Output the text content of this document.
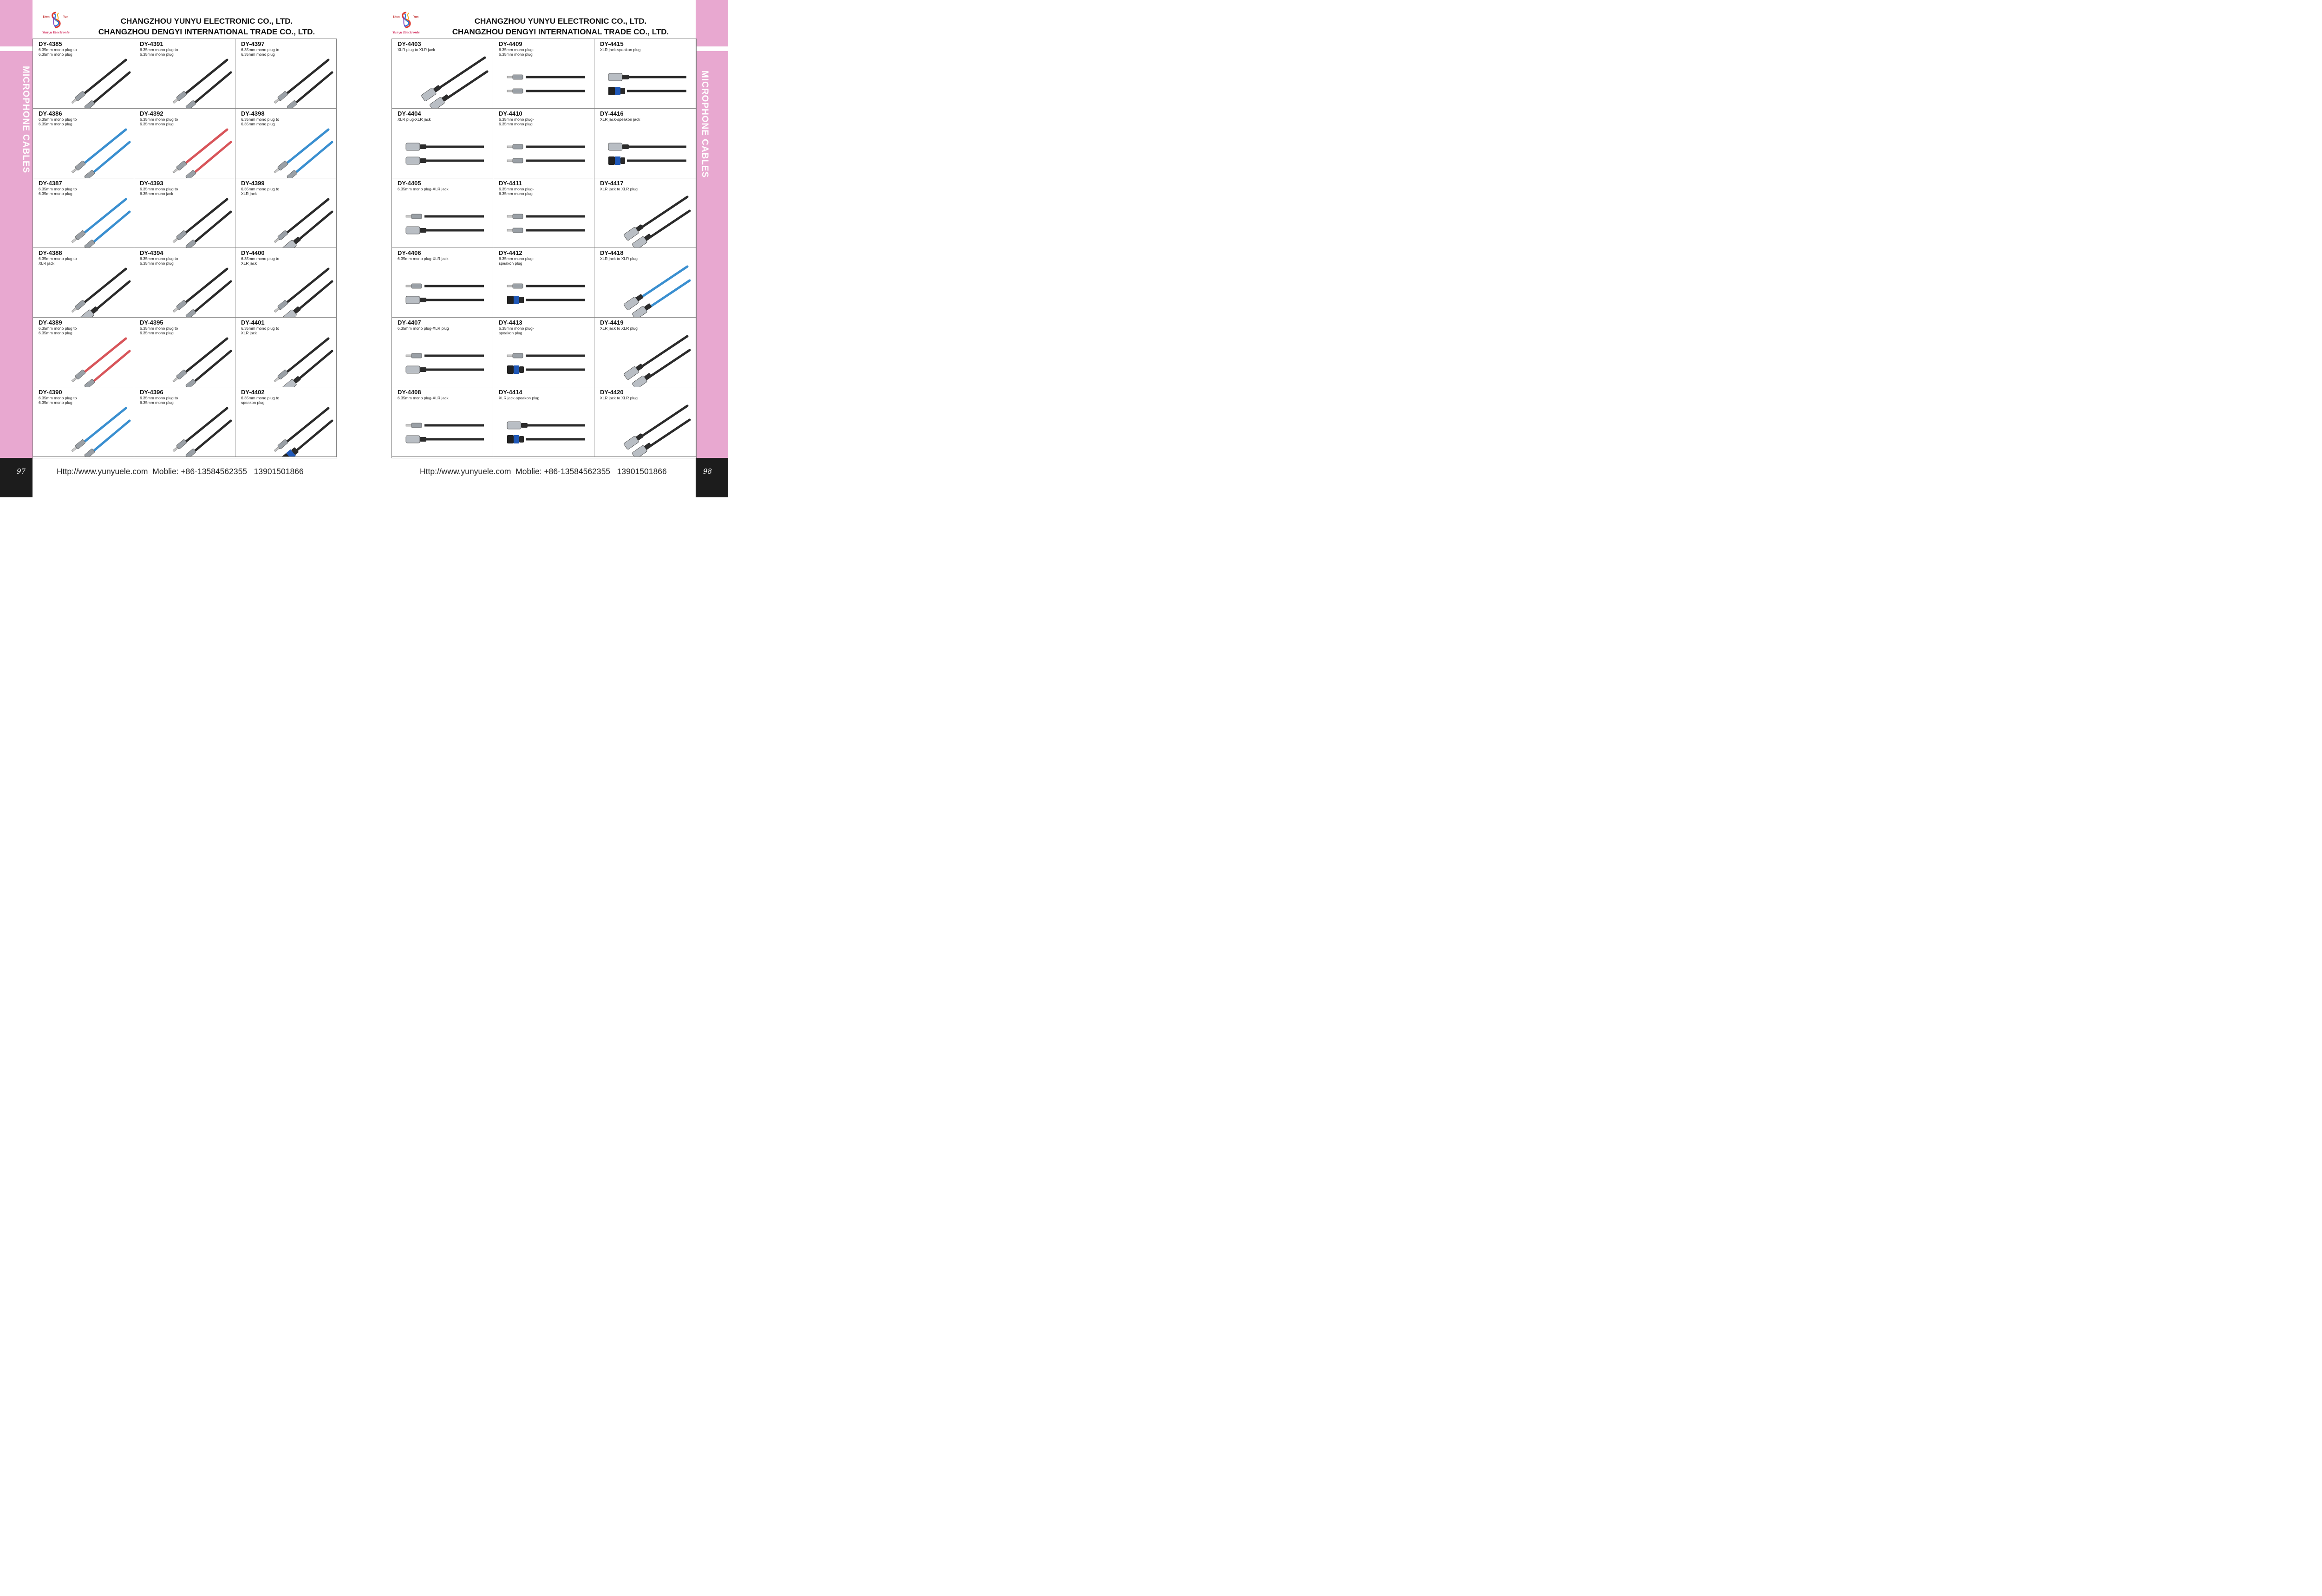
MICROPHONE CABLES
97
Shen	Yun
Yunyu Electronic
CHANGZHOU YUNYU ELECTRONIC CO., LTD.
CHANGZHOU DENGYI INTERNATIONAL TRADE CO., LTD.
DY-4385
6.35mm mono plug to
6.35mm mono plug
DY-4391
6.35mm mono plug to
6.35mm mono plug
DY-4397
6.35mm mono plug to
6.35mm mono plug
DY-4386
6.35mm mono plug to
6.35mm mono plug
DY-4392
6.35mm mono plug to
6.35mm mono plug
DY-4398
6.35mm mono plug to
6.35mm mono plug
DY-4387
6.35mm mono plug to
6.35mm mono plug
DY-4393
6.35mm mono plug to
6.35mm mono jack
DY-4399
6.35mm mono plug to
XLR jack
DY-4388
6.35mm mono plug to
XLR jack
DY-4394
6.35mm mono plug to
6.35mm mono plug
DY-4400
6.35mm mono plug to
XLR jack
DY-4389
6.35mm mono plug to
6.35mm mono plug
DY-4395
6.35mm mono plug to
6.35mm mono plug
DY-4401
6.35mm mono plug to
XLR jack
DY-4390
6.35mm mono plug to
6.35mm mono plug
DY-4396
6.35mm mono plug to
6.35mm mono plug
DY-4402
6.35mm mono plug to
speakon plug
Http://www.yunyuele.com  Moblie: +86-13584562355   13901501866
MICROPHONE CABLES
98
Shen	Yun
Yunyu Electronic
CHANGZHOU YUNYU ELECTRONIC CO., LTD.
CHANGZHOU DENGYI INTERNATIONAL TRADE CO., LTD.
DY-4403
XLR plug to XLR jack
DY-4409
6.35mm mono plug-
6.35mm mono plug
DY-4415
XLR jack-speakon plug
DY-4404
XLR plug-XLR jack
DY-4410
6.35mm mono plug-
6.35mm mono plug
DY-4416
XLR jack-speakon jack
DY-4405
6.35mm mono plug-XLR jack
DY-4411
6.35mm mono plug-
6.35mm mono plug
DY-4417
XLR jack to XLR plug
DY-4406
6.35mm mono plug-XLR jack
DY-4412
6.35mm mono plug-
speakon plug
DY-4418
XLR jack to XLR plug
DY-4407
6.35mm mono plug-XLR plug
DY-4413
6.35mm mono plug-
speakon plug
DY-4419
XLR jack to XLR plug
DY-4408
6.35mm mono plug-XLR jack
DY-4414
XLR jack-speakon plug
DY-4420
XLR jack to XLR plug
Http://www.yunyuele.com  Moblie: +86-13584562355   13901501866
